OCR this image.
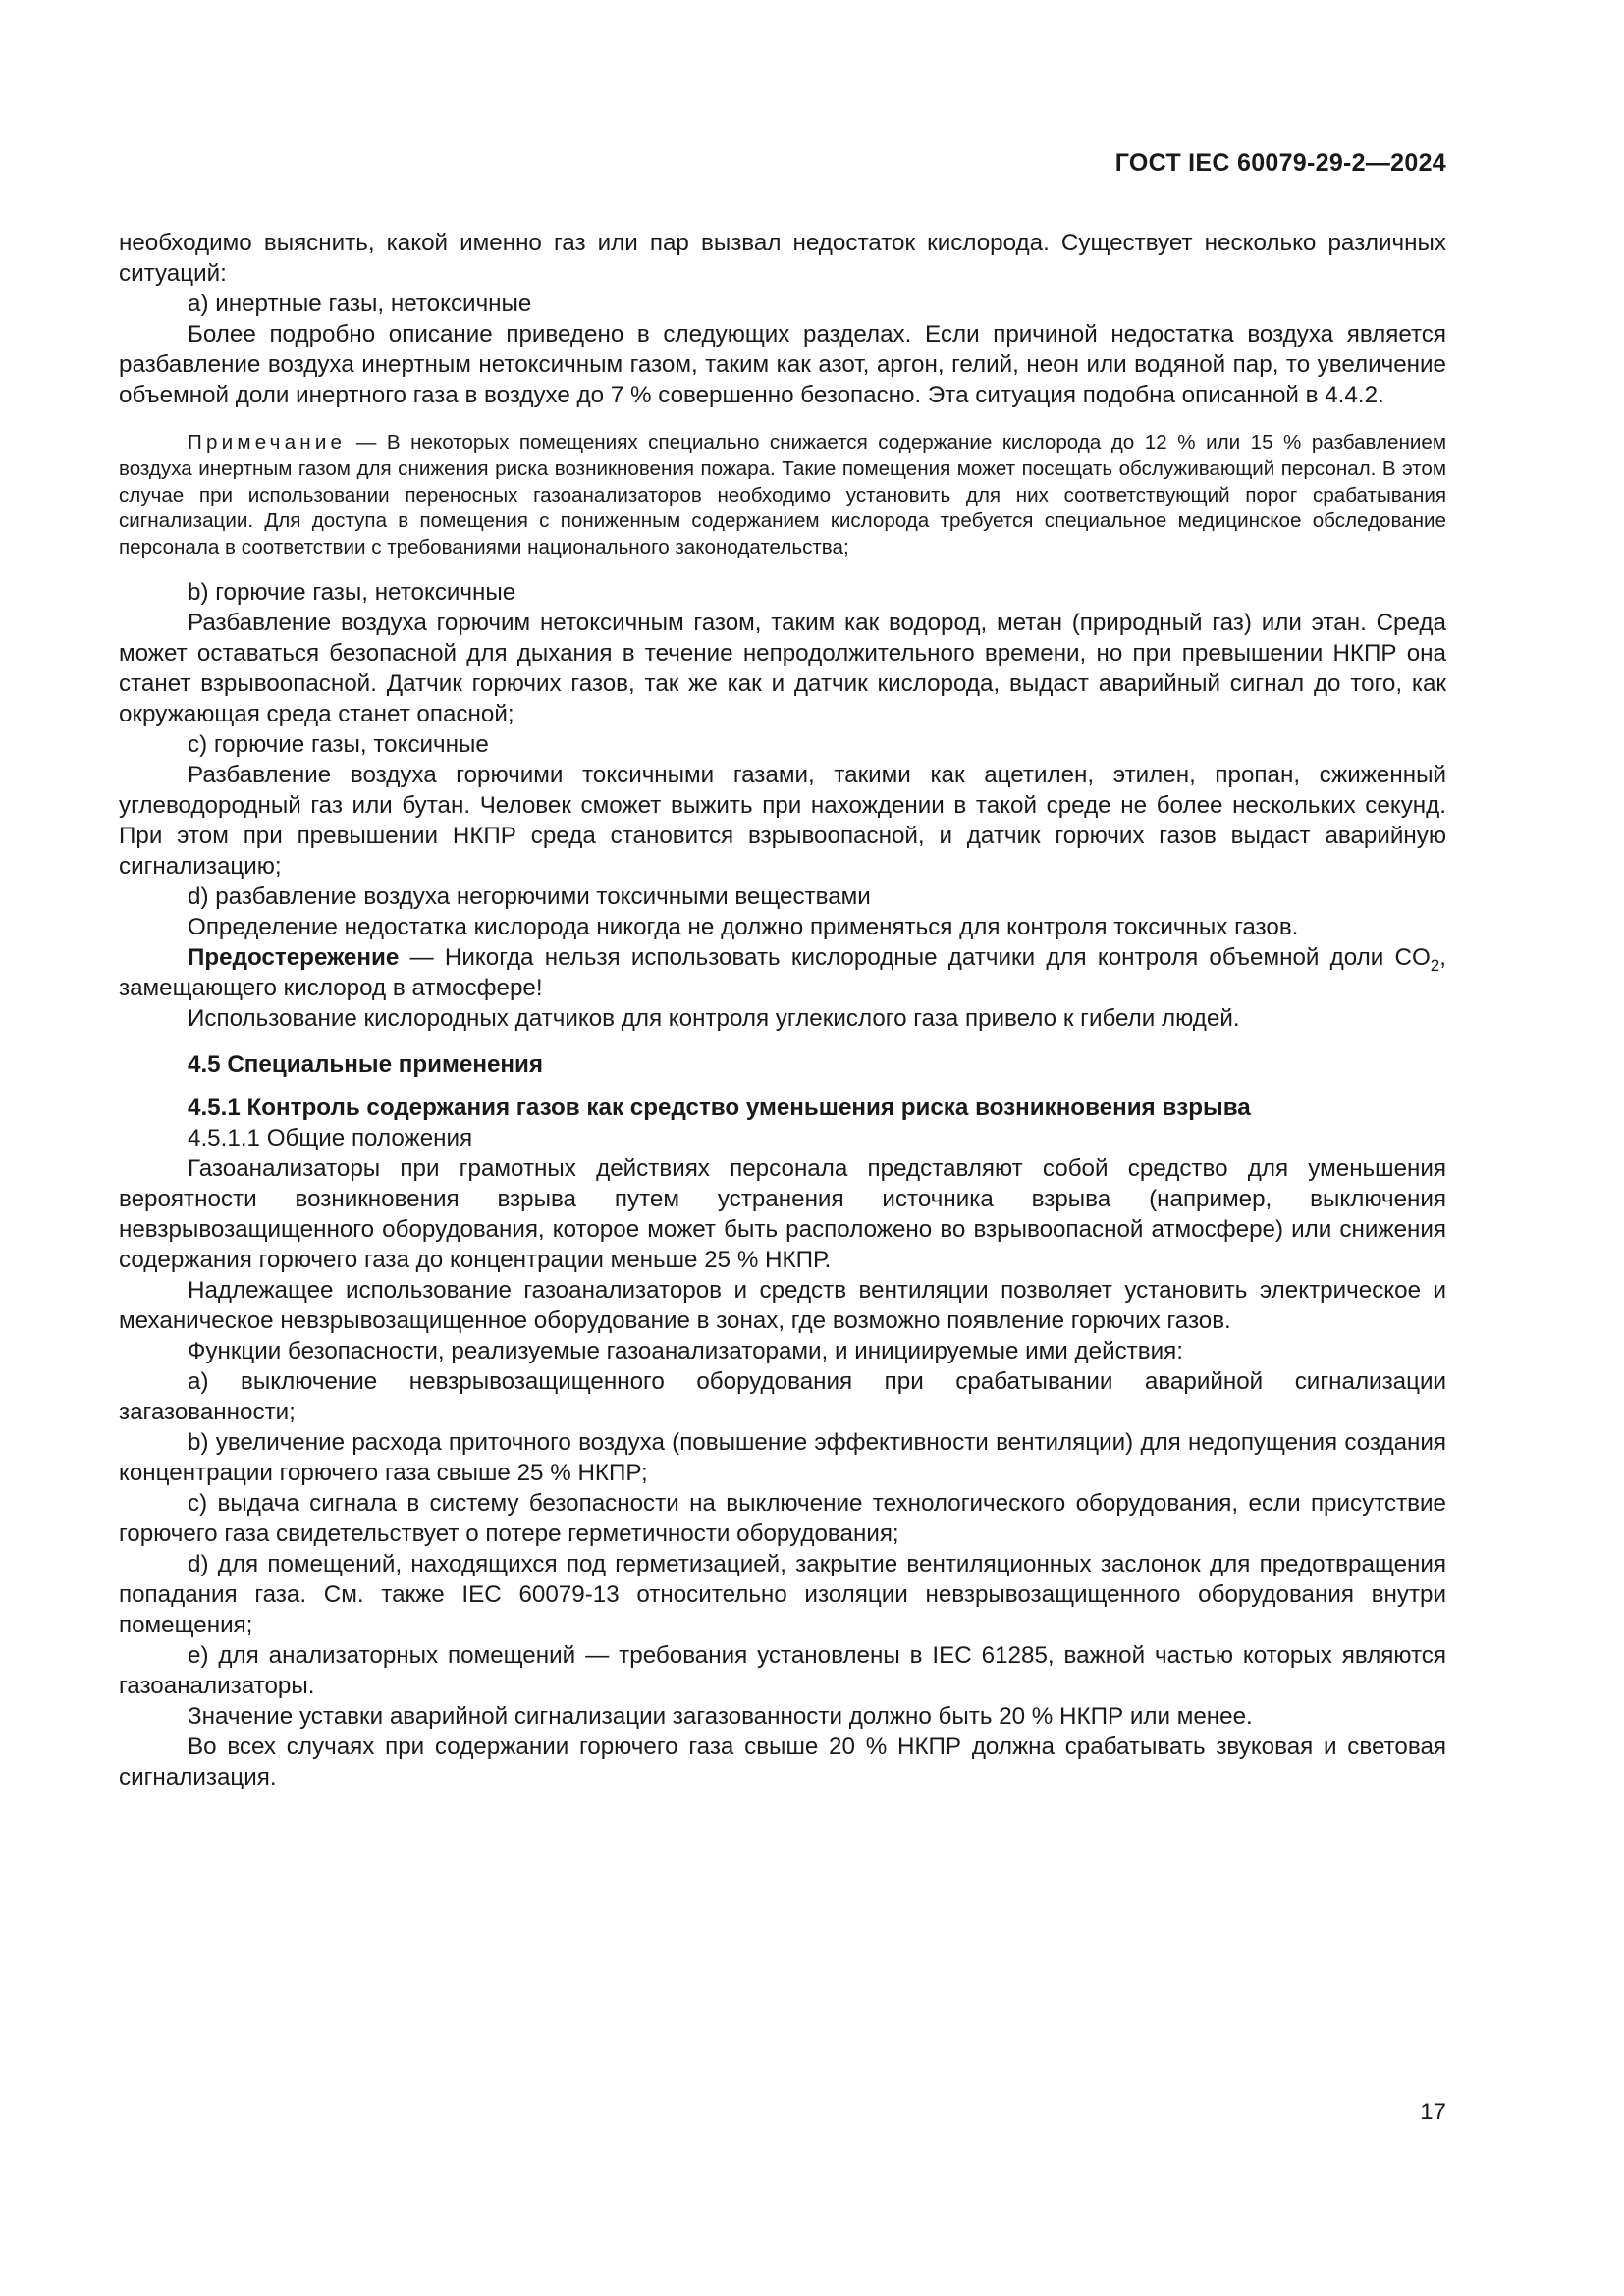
ГОСТ IEC 60079-29-2—2024

необходимо выяснить, какой именно газ или пар вызвал недостаток кислорода. Существует несколько различных ситуаций:

a) инертные газы, нетоксичные

Более подробно описание приведено в следующих разделах. Если причиной недостатка воздуха является разбавление воздуха инертным нетоксичным газом, таким как азот, аргон, гелий, неон или водяной пар, то увеличение объемной доли инертного газа в воздухе до 7 % совершенно безопасно. Эта ситуация подобна описанной в 4.4.2.

Примечание — В некоторых помещениях специально снижается содержание кислорода до 12 % или 15 % разбавлением воздуха инертным газом для снижения риска возникновения пожара. Такие помещения может посещать обслуживающий персонал. В этом случае при использовании переносных газоанализаторов необходимо установить для них соответствующий порог срабатывания сигнализации. Для доступа в помещения с пониженным содержанием кислорода требуется специальное медицинское обследование персонала в соответствии с требованиями национального законодательства;

b) горючие газы, нетоксичные

Разбавление воздуха горючим нетоксичным газом, таким как водород, метан (природный газ) или этан. Среда может оставаться безопасной для дыхания в течение непродолжительного времени, но при превышении НКПР она станет взрывоопасной. Датчик горючих газов, так же как и датчик кислорода, выдаст аварийный сигнал до того, как окружающая среда станет опасной;

c) горючие газы, токсичные

Разбавление воздуха горючими токсичными газами, такими как ацетилен, этилен, пропан, сжиженный углеводородный газ или бутан. Человек сможет выжить при нахождении в такой среде не более нескольких секунд. При этом при превышении НКПР среда становится взрывоопасной, и датчик горючих газов выдаст аварийную сигнализацию;

d) разбавление воздуха негорючими токсичными веществами

Определение недостатка кислорода никогда не должно применяться для контроля токсичных газов.

Предостережение — Никогда нельзя использовать кислородные датчики для контроля объемной доли $CO_2$, замещающего кислород в атмосфере!

Использование кислородных датчиков для контроля углекислого газа привело к гибели людей.

4.5 Специальные применения

4.5.1 Контроль содержания газов как средство уменьшения риска возникновения взрыва

4.5.1.1 Общие положения

Газоанализаторы при грамотных действиях персонала представляют собой средство для уменьшения вероятности возникновения взрыва путем устранения источника взрыва (например, выключения невзрывозащищенного оборудования, которое может быть расположено во взрывоопасной атмосфере) или снижения содержания горючего газа до концентрации меньше 25 % НКПР.

Надлежащее использование газоанализаторов и средств вентиляции позволяет установить электрическое и механическое невзрывозащищенное оборудование в зонах, где возможно появление горючих газов.

Функции безопасности, реализуемые газоанализаторами, и инициируемые ими действия:

a) выключение невзрывозащищенного оборудования при срабатывании аварийной сигнализации загазованности;

b) увеличение расхода приточного воздуха (повышение эффективности вентиляции) для недопущения создания концентрации горючего газа свыше 25 % НКПР;

c) выдача сигнала в систему безопасности на выключение технологического оборудования, если присутствие горючего газа свидетельствует о потере герметичности оборудования;

d) для помещений, находящихся под герметизацией, закрытие вентиляционных заслонок для предотвращения попадания газа. См. также IEC 60079-13 относительно изоляции невзрывозащищенного оборудования внутри помещения;

e) для анализаторных помещений — требования установлены в IEC 61285, важной частью которых являются газоанализаторы.

Значение уставки аварийной сигнализации загазованности должно быть 20 % НКПР или менее.

Во всех случаях при содержании горючего газа свыше 20 % НКПР должна срабатывать звуковая и световая сигнализация.

17
